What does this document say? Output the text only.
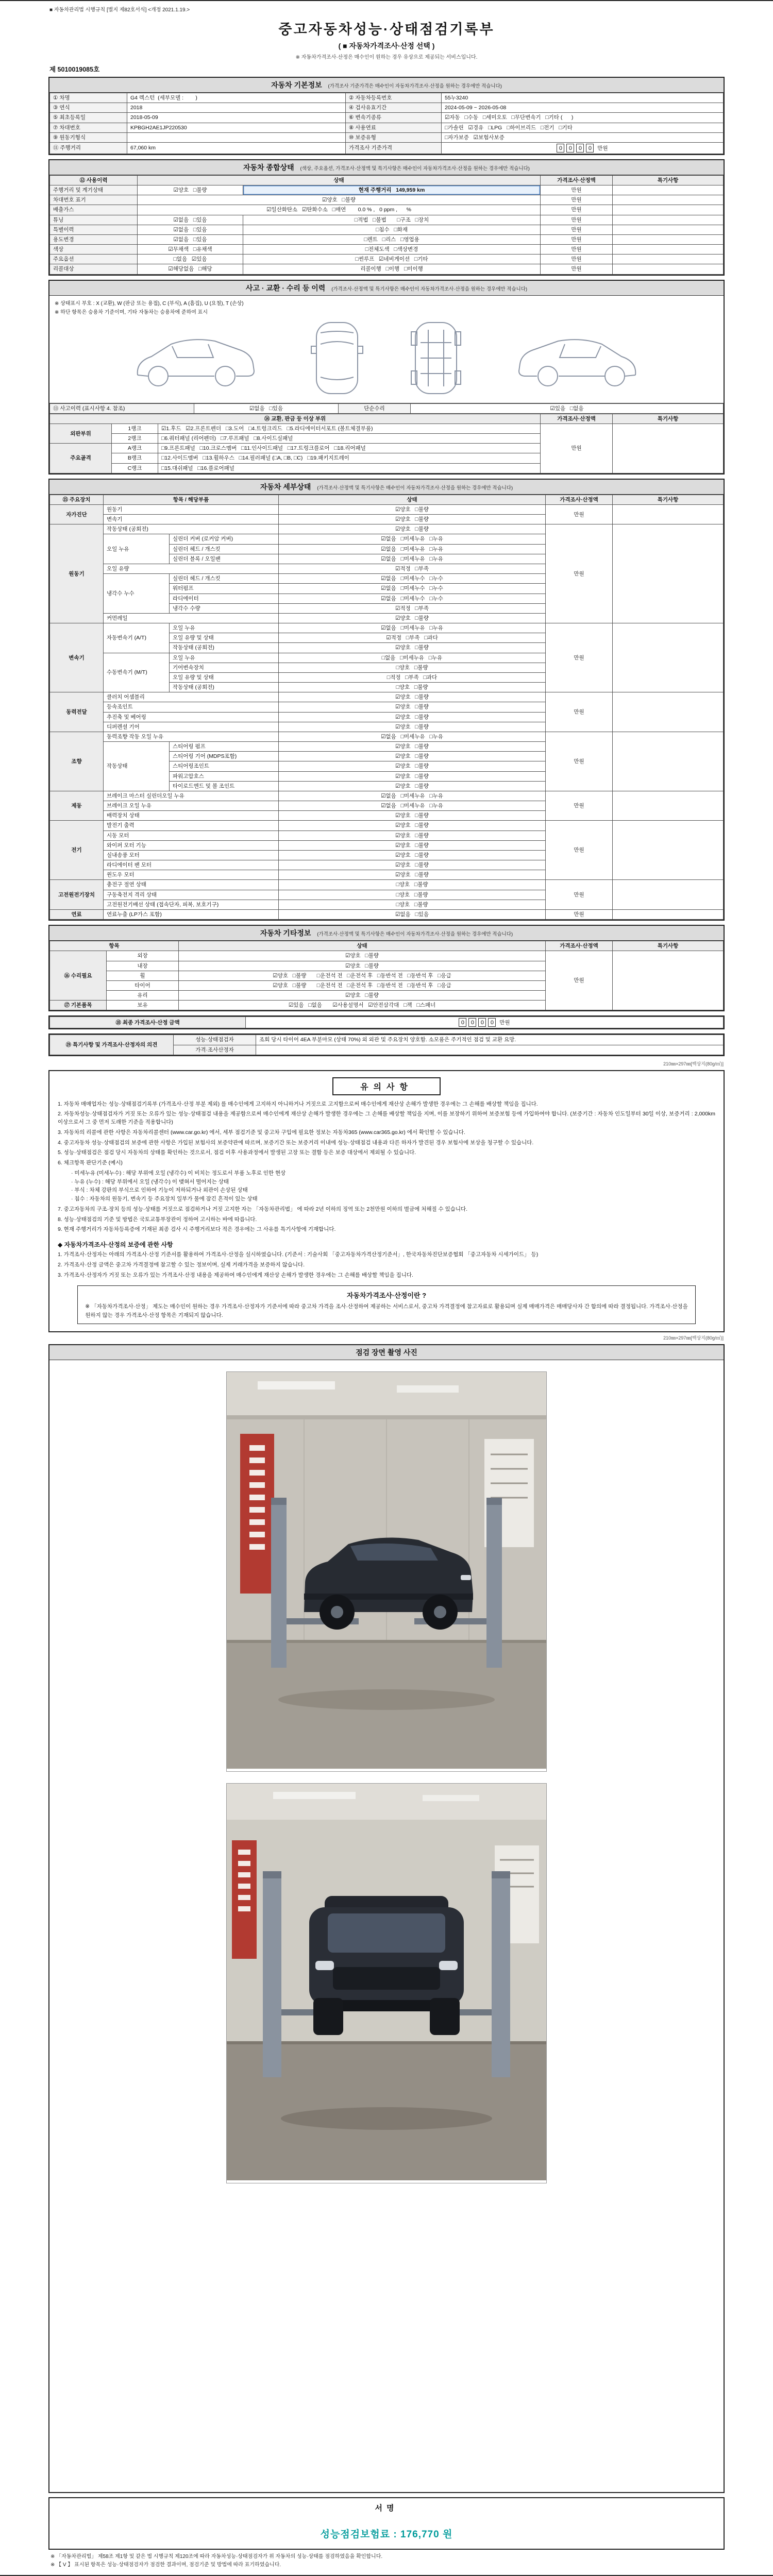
■ 자동차관리법 시행규칙 [별지 제82호서식] <개정 2021.1.19.>
중고자동차성능·상태점검기록부
( ■ 자동차가격조사·산정 선택 )
※ 자동차가격조사·산정은 매수인이 원하는 경우 유상으로 제공되는 서비스입니다.
제 5010019085호
자동차 기본정보 (가격조사 기준가격은 매수인이 자동차가격조사·산정을 원하는 경우에만 적습니다)
① 차명	G4 렉스턴  (세부모델 :        )	② 자동차등록번호	55누3240
③ 연식	2018	④ 검사유효기간	2024-05-09 ~ 2026-05-08
⑤ 최초등록일	2018-05-09	⑥ 변속기종류	☑자동   □수동   □세미오토   □무단변속기   □기타 (      )
⑦ 차대번호	KPBGH2AE1JP220530	⑧ 사용연료	□가솔린   ☑경유   □LPG   □하이브리드   □전기   □기타
⑨ 원동기형식		⑩ 보증유형	□자가보증   ☑보험사보증
⑪ 주행거리	67,060 km	가격조사 기준가격	0 0 0 0 만원
자동차 종합상태 (색상, 주요옵션, 가격조사·산정액 및 특기사항은 매수인이 자동차가격조사·산정을 원하는 경우에만 적습니다)
⑫ 사용이력	상태		가격조사·산정액	특기사항
주행거리 및 계기상태	☑양호   □불량	현재 주행거리   149,959 km	만원	
차대번호 표기	☑양호   □불량		만원	
배출가스	☑일산화탄소   ☑탄화수소   □매연        0.0 % ,   0 ppm ,      %		만원	
튜닝	☑없음   □있음	□적법   □불법       □구조   □장치	만원	
특별이력	☑없음   □있음	□침수   □화재	만원	
용도변경	☑없음   □있음	□렌트   □리스   □영업용	만원	
색상	☑무채색   □유채색	□전체도색   □색상변경	만원	
주요옵션	□없음   ☑있음	□썬루프   ☑네비게이션   □기타	만원	
리콜대상	☑해당없음   □해당	리콜이행   □이행   □미이행	만원	
사고 · 교환 · 수리 등 이력 (가격조사·산정액 및 특기사항은 매수인이 자동차가격조사·산정을 원하는 경우에만 적습니다)
※ 상태표시 부호 : X (교환), W (판금 또는 용접), C (부식), A (흠집), U (요철), T (손상)
※ 하단 항목은 승용차 기준이며, 기타 자동차는 승용차에 준하여 표시
⑬ 사고이력 (표시사항 4. 참조)	☑없음   □있음	단순수리	☑있음   □없음
⑭ 교환, 판금 등 이상 부위			가격조사·산정액	특기사항
외판부위	1랭크	☑1.후드   ☑2.프론트펜더   □3.도어   □4.트렁크리드   □5.라디에이터서포트 (볼트체결부품)	만원	
	2랭크	□6.쿼터패널 (리어펜더)   □7.루프패널   □8.사이드실패널		
주요골격	A랭크	□9.프론트패널   □10.크로스멤버   □11.인사이드패널   □17.트렁크플로어   □18.리어패널		
	B랭크	□12.사이드멤버   □13.휠하우스   □14.필러패널 (□A, □B, □C)   □19.패키지트레이		
	C랭크	□15.대쉬패널   □16.플로어패널		
자동차 세부상태 (가격조사·산정액 및 특기사항은 매수인이 자동차가격조사·산정을 원하는 경우에만 적습니다)
⑮ 주요장치	항목 / 해당부품		상태	가격조사·산정액	특기사항
자가진단	원동기		☑양호   □불량	만원	
	변속기		☑양호   □불량		
원동기	작동상태 (공회전)		☑양호   □불량	만원	
	오일 누유	실린더 커버 (로커암 커버)	☑없음   □미세누유   □누유		
		실린더 헤드 / 개스킷	☑없음   □미세누유   □누유		
		실린더 블록 / 오일팬	☑없음   □미세누유   □누유		
	오일 유량		☑적정   □부족		
	냉각수 누수	실린더 헤드 / 개스킷	☑없음   □미세누수   □누수		
		워터펌프	☑없음   □미세누수   □누수		
		라디에이터	☑없음   □미세누수   □누수		
		냉각수 수량	☑적정   □부족		
	커먼레일		☑양호   □불량		
변속기	자동변속기 (A/T)	오일 누유	☑없음   □미세누유   □누유	만원	
		오일 유량 및 상태	☑적정   □부족   □과다		
		작동상태 (공회전)	☑양호   □불량		
	수동변속기 (M/T)	오일 누유	□없음   □미세누유   □누유		
		기어변속장치	□양호   □불량		
		오일 유량 및 상태	□적정   □부족   □과다		
		작동상태 (공회전)	□양호   □불량		
동력전달	클러치 어셈블리		☑양호   □불량	만원	
	등속조인트		☑양호   □불량		
	추진축 및 베어링		☑양호   □불량		
	디퍼렌셜 기어		☑양호   □불량		
조향	동력조향 작동 오일 누유		☑없음   □미세누유   □누유	만원	
	작동상태	스티어링 펌프	☑양호   □불량		
		스티어링 기어 (MDPS포함)	☑양호   □불량		
		스티어링조인트	☑양호   □불량		
		파워고압호스	☑양호   □불량		
		타이로드엔드 및 볼 조인트	☑양호   □불량		
제동	브레이크 마스터 실린더오일 누유		☑없음   □미세누유   □누유	만원	
	브레이크 오일 누유		☑없음   □미세누유   □누유		
	배력장치 상태		☑양호   □불량		
전기	발전기 출력		☑양호   □불량	만원	
	시동 모터		☑양호   □불량		
	와이퍼 모터 기능		☑양호   □불량		
	실내송풍 모터		☑양호   □불량		
	라디에이터 팬 모터		☑양호   □불량		
	윈도우 모터		☑양호   □불량		
고전원전기장치	충전구 절연 상태		□양호   □불량	만원	
	구동축전지 격리 상태		□양호   □불량		
	고전원전기배선 상태 (접속단자, 피복, 보호기구)		□양호   □불량		
연료	연료누출 (LP가스 포함)		☑없음   □있음	만원	
자동차 기타정보 (가격조사·산정액 및 특기사항은 매수인이 자동차가격조사·산정을 원하는 경우에만 적습니다)
항목		상태	가격조사·산정액	특기사항
⑯ 수리필요	외장	☑양호   □불량	만원	
	내장	☑양호   □불량		
	휠	☑양호   □불량       □운전석 전   □운전석 후   □동반석 전   □동반석 후   □응급		
	타이어	☑양호   □불량       □운전석 전   □운전석 후   □동반석 전   □동반석 후   □응급		
	유리	☑양호   □불량		
⑰ 기본품목	보유	☑있음   □없음       ☑사용설명서   ☑안전삼각대   □잭   □스패너		
⑱ 최종 가격조사·산정 금액	0 0 0 0 만원
⑲ 특기사항 및 가격조사·산정자의 의견	성능·상태점검자	조회 당시 타이어 4EA 부분마모 (상태 70%) 외 외관 및 주요장치 양호함. 소모품은 주기적인 점검 및 교환 요망.
	가격·조사산정자	
210㎜×297㎜[백상지(80g/㎡)]
유의사항
1. 자동차 매매업자는 성능·상태점검기록부 (가격조사·산정 부분 제외) 를 매수인에게 고지하지 아니하거나 거짓으로 고지함으로써 매수인에게 재산상 손해가 발생한 경우에는 그 손해를 배상할 책임을 집니다.
2. 자동차성능·상태점검자가 거짓 또는 오류가 있는 성능·상태점검 내용을 제공함으로써 매수인에게 재산상 손해가 발생한 경우에는 그 손해를 배상할 책임을 지며, 이를 보장하기 위하여 보증보험 등에 가입하여야 합니다. (보증기간 : 자동차 인도일부터 30일 이상, 보증거리 : 2,000km 이상으로서 그 중 먼저 도래한 기준을 적용합니다)
3. 자동차의 리콜에 관한 사항은 자동차리콜센터 (www.car.go.kr) 에서, 세부 점검기준 및 중고차 구입에 필요한 정보는 자동차365 (www.car365.go.kr) 에서 확인할 수 있습니다.
4. 중고자동차 성능·상태점검의 보증에 관한 사항은 가입된 보험사의 보증약관에 따르며, 보증기간 또는 보증거리 이내에 성능·상태점검 내용과 다른 하자가 발견된 경우 보험사에 보상을 청구할 수 있습니다.
5. 성능·상태점검은 점검 당시 자동차의 상태를 확인하는 것으로서, 점검 이후 사용과정에서 발생된 고장 또는 결함 등은 보증 대상에서 제외될 수 있습니다.
6. 체크항목 판단기준 (예시)
· 미세누유 (미세누수) : 해당 부위에 오일 (냉각수) 이 비치는 정도로서 부품 노후로 인한 현상
· 누유 (누수) : 해당 부위에서 오일 (냉각수) 이 맺혀서 떨어지는 상태
· 부식 : 차체 강판의 부식으로 인하여 기능이 저하되거나 외관이 손상된 상태
· 침수 : 자동차의 원동기, 변속기 등 주요장치 일부가 물에 잠긴 흔적이 있는 상태
7. 중고자동차의 구조·장치 등의 성능·상태를 거짓으로 점검하거나 거짓 고지한 자는 「자동차관리법」 에 따라 2년 이하의 징역 또는 2천만원 이하의 벌금에 처해질 수 있습니다.
8. 성능·상태점검의 기준 및 방법은 국토교통부장관이 정하여 고시하는 바에 따릅니다.
9. 현재 주행거리가 자동차등록증에 기재된 최종 검사 시 주행거리보다 적은 경우에는 그 사유를 특기사항에 기재합니다.
◆ 자동차가격조사·산정의 보증에 관한 사항
1. 가격조사·산정자는 아래의 가격조사·산정 기준서를 활용하여 가격조사·산정을 실시하였습니다. (기준서 : 기술사회 「중고자동차가격산정기준서」, 한국자동차진단보증협회 「중고자동차 시세가이드」 등)
2. 가격조사·산정 금액은 중고차 가격결정에 참고할 수 있는 정보이며, 실제 거래가격을 보증하지 않습니다.
3. 가격조사·산정자가 거짓 또는 오류가 있는 가격조사·산정 내용을 제공하여 매수인에게 재산상 손해가 발생한 경우에는 그 손해를 배상할 책임을 집니다.
자동차가격조사·산정이란 ?
※ 「자동차가격조사·산정」 제도는 매수인이 원하는 경우 가격조사·산정자가 기준서에 따라 중고차 가격을 조사·산정하여 제공하는 서비스로서, 중고차 가격결정에 참고자료로 활용되며 실제 매매가격은 매매당사자 간 합의에 따라 결정됩니다. 가격조사·산정을 원하지 않는 경우 가격조사·산정 항목은 기재되지 않습니다.
210㎜×297㎜[백상지(80g/㎡)]
점검 장면 촬영 사진
서명
성능점검보험료 : 176,770 원
※ 「자동차관리법」 제58조 제1항 및 같은 법 시행규칙 제120조에 따라 자동차성능·상태점검자가 위 자동차의 성능·상태를 점검하였음을 확인합니다.
※ 【 V 】 표시된 항목은 성능·상태점검자가 점검한 결과이며, 점검기준 및 방법에 따라 표기하였습니다.
